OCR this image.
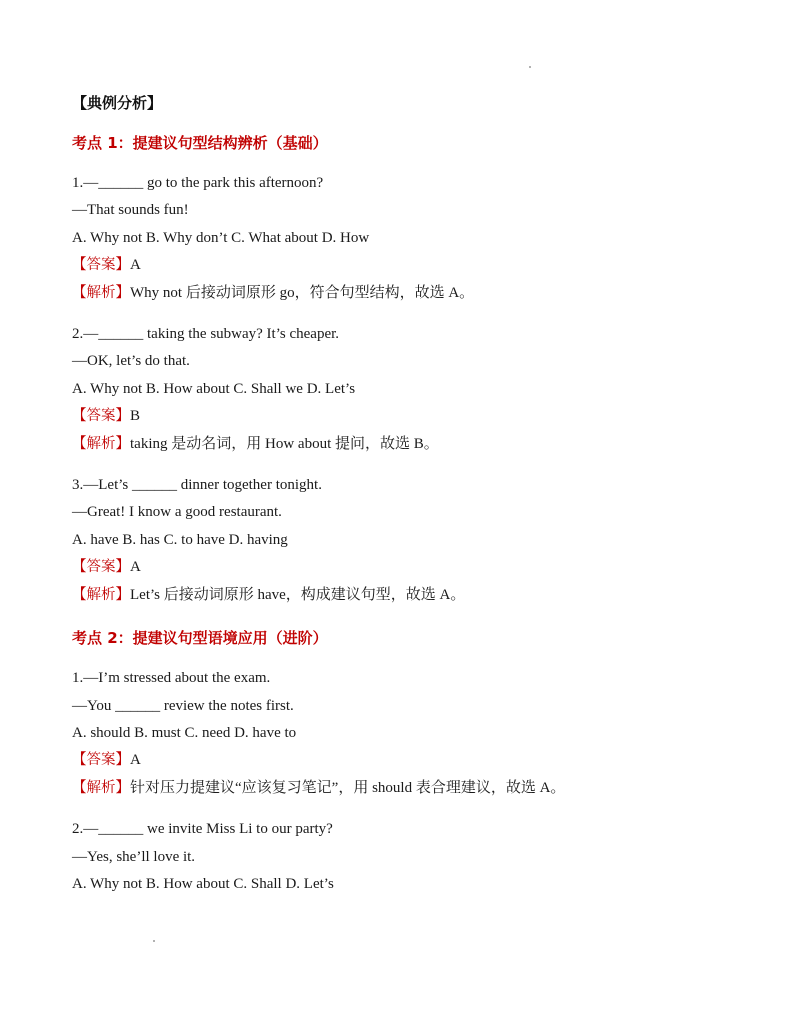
【典例分析】
考点 1：提建议句型结构辨析（基础）
1.—______ go to the park this afternoon?
—That sounds fun!
A. Why not B. Why don’t C. What about D. How
【答案】A
【解析】Why not 后接动词原形 go，符合句型结构，故选 A。
2.—______ taking the subway? It’s cheaper.
—OK, let’s do that.
A. Why not B. How about C. Shall we D. Let’s
【答案】B
【解析】taking 是动名词，用 How about 提问，故选 B。
3.—Let’s ______ dinner together tonight.
—Great! I know a good restaurant.
A. have B. has C. to have D. having
【答案】A
【解析】Let’s 后接动词原形 have，构成建议句型，故选 A。
考点 2：提建议句型语境应用（进阶）
1.—I’m stressed about the exam.
—You ______ review the notes first.
A. should B. must C. need D. have to
【答案】A
【解析】针对压力提建议“应该复习笔记”，用 should 表合理建议，故选 A。
2.—______ we invite Miss Li to our party?
—Yes, she’ll love it.
A. Why not B. How about C. Shall D. Let’s
